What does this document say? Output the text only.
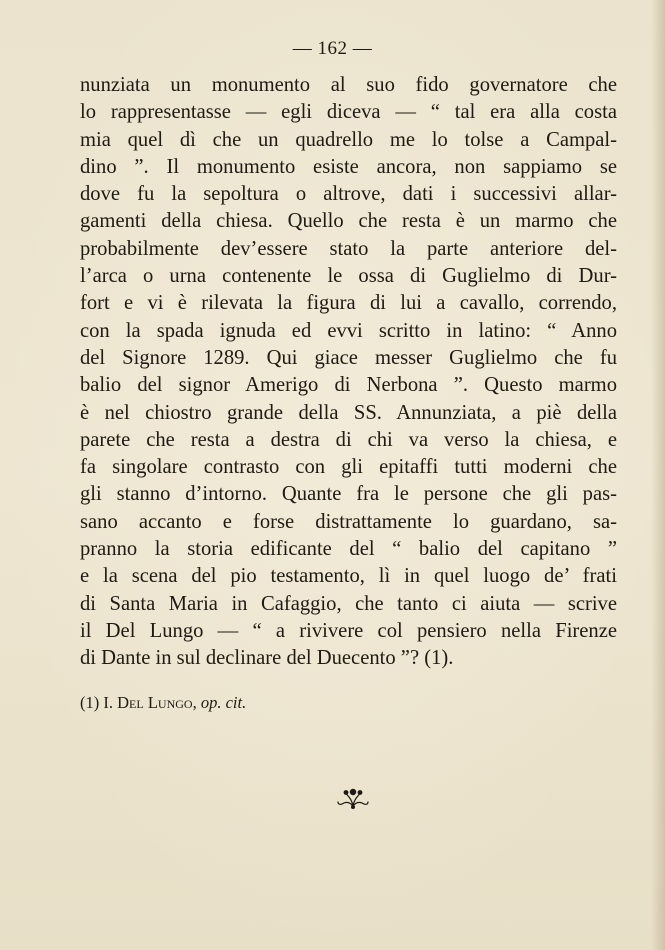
— 162 —
nunziata un monumento al suo fido governatore che
lo rappresentasse — egli diceva — “ tal era alla costa
mia quel dì che un quadrello me lo tolse a Campal-
dino ”. Il monumento esiste ancora, non sappiamo se
dove fu la sepoltura o altrove, dati i successivi allar-
gamenti della chiesa. Quello che resta è un marmo che
probabilmente dev’essere stato la parte anteriore del-
l’arca o urna contenente le ossa di Guglielmo di Dur-
fort e vi è rilevata la figura di lui a cavallo, correndo,
con la spada ignuda ed evvi scritto in latino: “ Anno
del Signore 1289. Qui giace messer Guglielmo che fu
balio del signor Amerigo di Nerbona ”. Questo marmo
è nel chiostro grande della SS. Annunziata, a piè della
parete che resta a destra di chi va verso la chiesa, e
fa singolare contrasto con gli epitaffi tutti moderni che
gli stanno d’intorno. Quante fra le persone che gli pas-
sano accanto e forse distrattamente lo guardano, sa-
pranno la storia edificante del “ balio del capitano ”
e la scena del pio testamento, lì in quel luogo de’ frati
di Santa Maria in Cafaggio, che tanto ci aiuta — scrive
il Del Lungo — “ a rivivere col pensiero nella Firenze
di Dante in sul declinare del Duecento ”? (1).
(1) I. Del Lungo, op. cit.
